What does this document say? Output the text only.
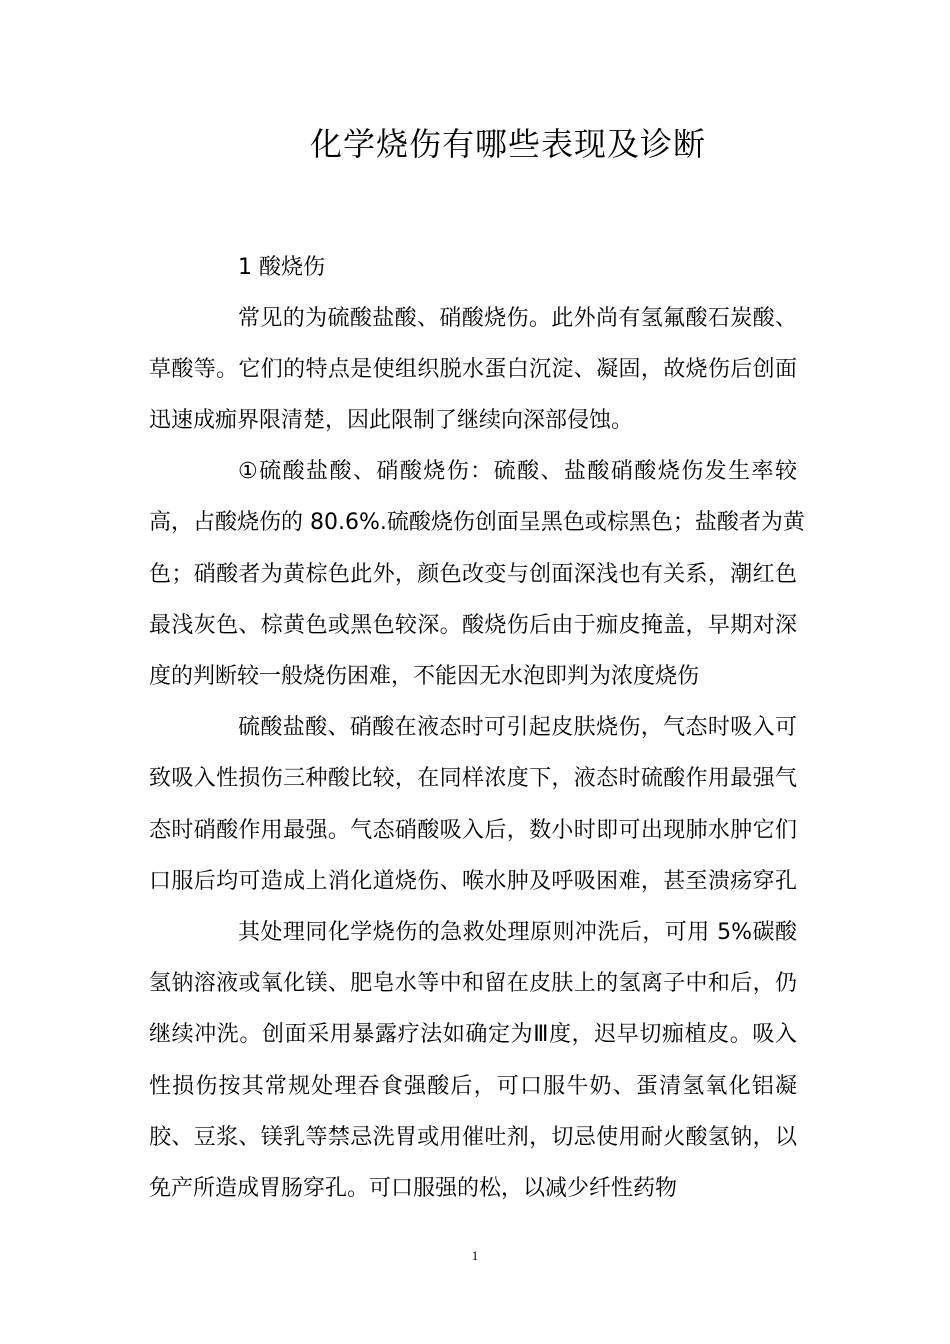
化学烧伤有哪些表现及诊断
1 酸烧伤
常见的为硫酸盐酸、硝酸烧伤。此外尚有氢氟酸石炭酸、
草酸等。它们的特点是使组织脱水蛋白沉淀、凝固，故烧伤后创面
迅速成痂界限清楚，因此限制了继续向深部侵蚀。
①硫酸盐酸、硝酸烧伤：硫酸、盐酸硝酸烧伤发生率较
高，占酸烧伤的 80.6%.硫酸烧伤创面呈黑色或棕黑色；盐酸者为黄
色；硝酸者为黄棕色此外，颜色改变与创面深浅也有关系，潮红色
最浅灰色、棕黄色或黑色较深。酸烧伤后由于痂皮掩盖，早期对深
度的判断较一般烧伤困难，不能因无水泡即判为浓度烧伤
硫酸盐酸、硝酸在液态时可引起皮肤烧伤，气态时吸入可
致吸入性损伤三种酸比较，在同样浓度下，液态时硫酸作用最强气
态时硝酸作用最强。气态硝酸吸入后，数小时即可出现肺水肿它们
口服后均可造成上消化道烧伤、喉水肿及呼吸困难，甚至溃疡穿孔
其处理同化学烧伤的急救处理原则冲洗后，可用 5%碳酸
氢钠溶液或氧化镁、肥皂水等中和留在皮肤上的氢离子中和后，仍
继续冲洗。创面采用暴露疗法如确定为Ⅲ度，迟早切痂植皮。吸入
性损伤按其常规处理吞食强酸后，可口服牛奶、蛋清氢氧化铝凝
胶、豆浆、镁乳等禁忌洗胃或用催吐剂，切忌使用耐火酸氢钠，以
免产所造成胃肠穿孔。可口服强的松，以减少纤性药物
1
